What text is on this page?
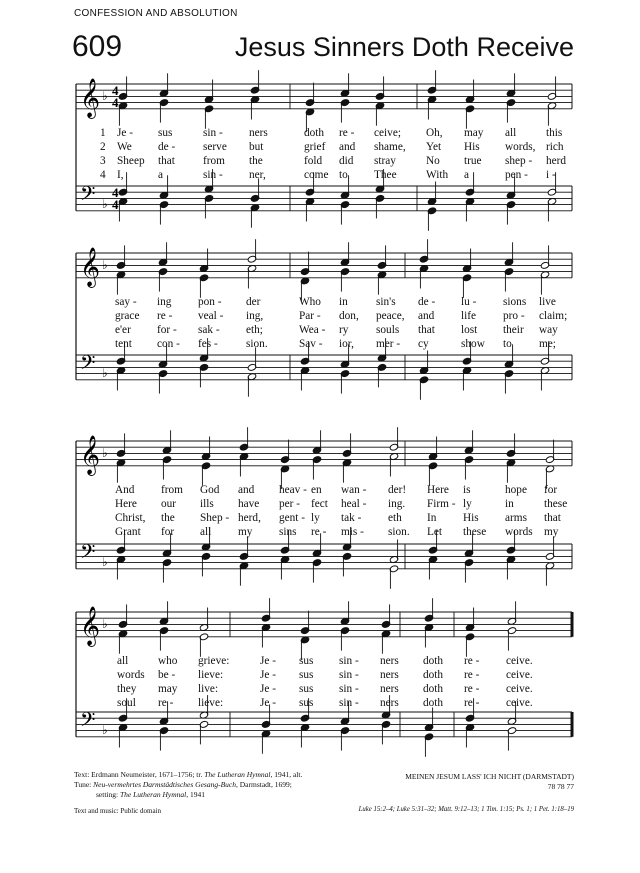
CONFESSION AND ABSOLUTION
609	Jesus Sinners Doth Receive
𝄞
𝄢
♭
♭
4
4
4
4
𝄞
𝄢
♭
♭
𝄞
𝄢
♭
♭
𝄞
𝄢
♭
♭
1 Je - sus	sin - ners	doth re - ceive; Oh, may all	this
2 We de - serve but	grief and shame, Yet His words, rich
3 Sheep that from the	fold did stray	No true shep - herd
4 I,	a	sin - ner,	come to Thee	With a	pen - i -
say - ing pon - der	Who in sin's de - lu - sions live
grace re - veal - ing,	Par - don, peace, and life pro - claim;
e'er for - sak - eth;	Wea - ry souls that lost their way
tent con - fes - sion.	Sav - ior, mer - cy	show to me;
And from God and heav - en wan - der! Here is	hope for
Here our ills have per - fect heal - ing. Firm - ly	in	these
Christ, the Shep - herd, gent - ly tak - eth In His arms that
Grant for all my sins re - mis - sion. Let these words my
all	who grieve:	Je - sus sin - ners doth re - ceive.
words be - lieve:	Je - sus sin - ners doth re - ceive.
they may live:	Je - sus sin - ners doth re - ceive.
soul re - lieve:	Je - sus sin - ners doth re - ceive.
Text: Erdmann Neumeister, 1671–1756; tr. The Lutheran Hymnal, 1941, alt.
Tune: Neu-vermehrtes Darmstädtisches Gesang-Buch, Darmstadt, 1699;
setting: The Lutheran Hymnal, 1941
Text and music: Public domain
MEINEN JESUM LASS' ICH NICHT (DARMSTADT)
78 78 77
Luke 15:2–4; Luke 5:31–32; Matt. 9:12–13; 1 Tim. 1:15; Ps. 1; 1 Pet. 1:18–19
